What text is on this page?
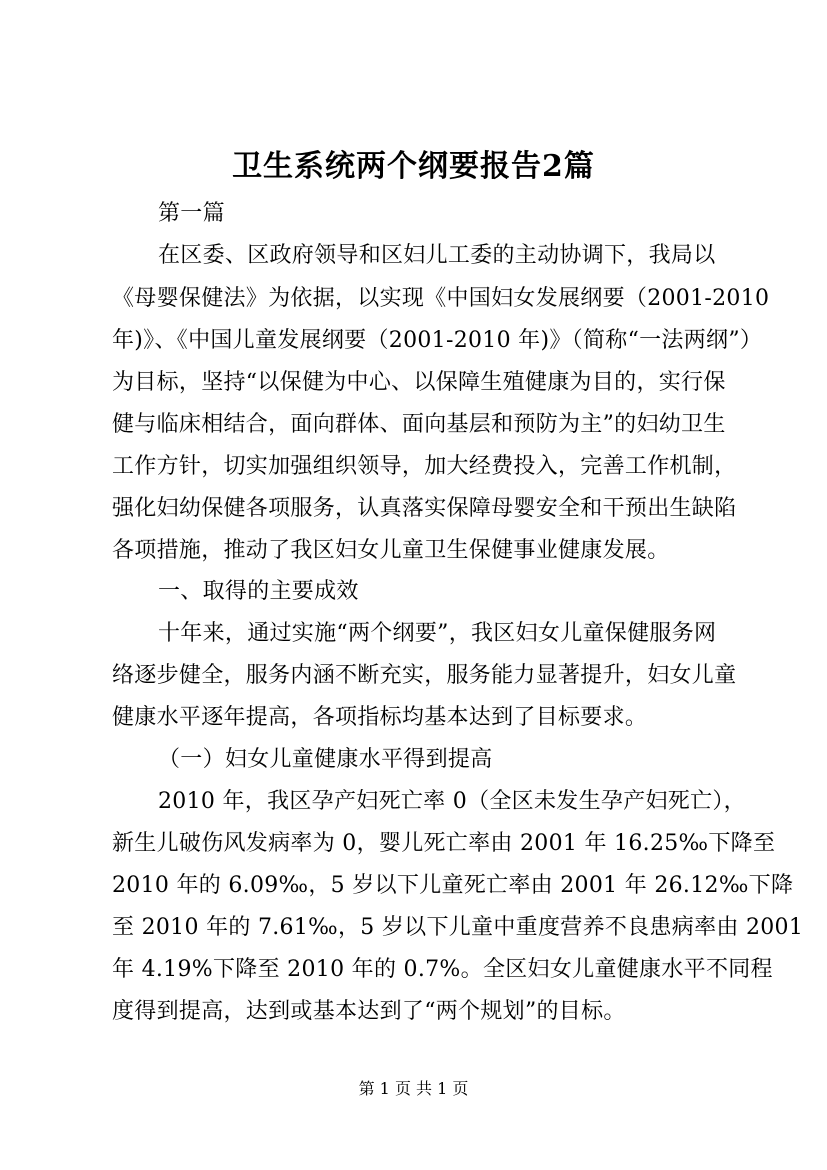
卫生系统两个纲要报告2篇
第一篇
在区委、区政府领导和区妇儿工委的主动协调下，我局以
《母婴保健法》为依据，以实现《中国妇女发展纲要（2001-2010
年)》、《中国儿童发展纲要（2001-2010 年)》（简称“一法两纲”）
为目标，坚持“以保健为中心、以保障生殖健康为目的，实行保
健与临床相结合，面向群体、面向基层和预防为主”的妇幼卫生
工作方针，切实加强组织领导，加大经费投入，完善工作机制，
强化妇幼保健各项服务，认真落实保障母婴安全和干预出生缺陷
各项措施，推动了我区妇女儿童卫生保健事业健康发展。
一、取得的主要成效
十年来，通过实施“两个纲要”，我区妇女儿童保健服务网
络逐步健全，服务内涵不断充实，服务能力显著提升，妇女儿童
健康水平逐年提高，各项指标均基本达到了目标要求。
（一）妇女儿童健康水平得到提高
2010 年，我区孕产妇死亡率 0（全区未发生孕产妇死亡），
新生儿破伤风发病率为 0，婴儿死亡率由 2001 年 16.25‰下降至
2010 年的 6.09‰，5 岁以下儿童死亡率由 2001 年 26.12‰下降
至 2010 年的 7.61‰，5 岁以下儿童中重度营养不良患病率由 2001
年 4.19%下降至 2010 年的 0.7%。全区妇女儿童健康水平不同程
度得到提高，达到或基本达到了“两个规划”的目标。
第 1 页 共 1 页
